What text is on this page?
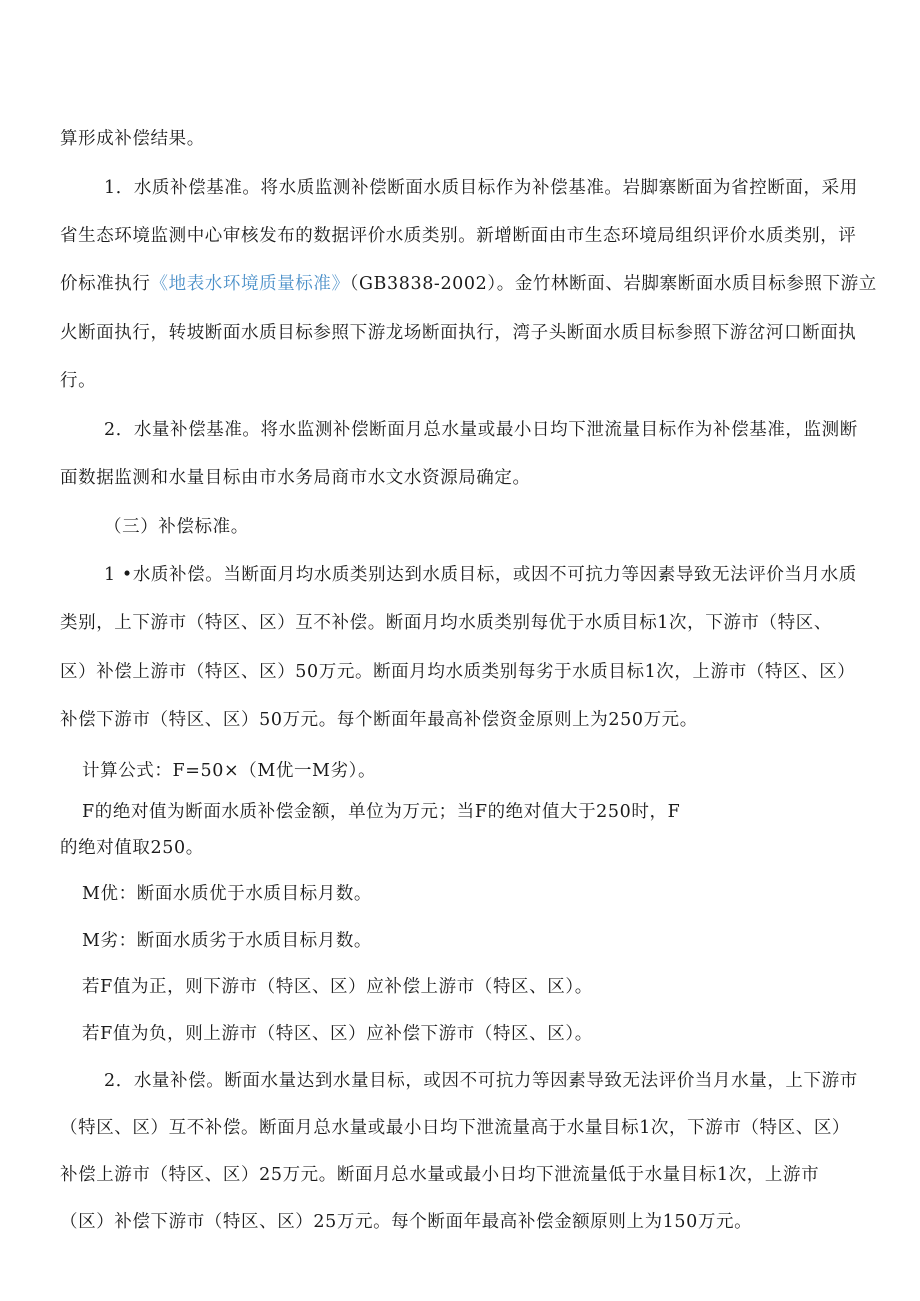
算形成补偿结果。
1．水质补偿基准。将水质监测补偿断面水质目标作为补偿基准。岩脚寨断面为省控断面，采用
省生态环境监测中心审核发布的数据评价水质类别。新增断面由市生态环境局组织评价水质类别，评
价标准执行《地表水环境质量标准》（GB3838-2002）。金竹林断面、岩脚寨断面水质目标参照下游立
火断面执行，转坡断面水质目标参照下游龙场断面执行，湾子头断面水质目标参照下游岔河口断面执
行。
2．水量补偿基准。将水监测补偿断面月总水量或最小日均下泄流量目标作为补偿基准，监测断
面数据监测和水量目标由市水务局商市水文水资源局确定。
（三）补偿标准。
1 •水质补偿。当断面月均水质类别达到水质目标，或因不可抗力等因素导致无法评价当月水质
类别，上下游市（特区、区）互不补偿。断面月均水质类别每优于水质目标1次，下游市（特区、
区）补偿上游市（特区、区）50万元。断面月均水质类别每劣于水质目标1次，上游市（特区、区）
补偿下游市（特区、区）50万元。每个断面年最高补偿资金原则上为250万元。
计算公式：F=50×（M优一M劣）。
F的绝对值为断面水质补偿金额，单位为万元；当F的绝对值大于250时，F
的绝对值取250。
M优：断面水质优于水质目标月数。
M劣：断面水质劣于水质目标月数。
若F值为正，则下游市（特区、区）应补偿上游市（特区、区）。
若F值为负，则上游市（特区、区）应补偿下游市（特区、区）。
2．水量补偿。断面水量达到水量目标，或因不可抗力等因素导致无法评价当月水量，上下游市
（特区、区）互不补偿。断面月总水量或最小日均下泄流量高于水量目标1次，下游市（特区、区）
补偿上游市（特区、区）25万元。断面月总水量或最小日均下泄流量低于水量目标1次，上游市
（区）补偿下游市（特区、区）25万元。每个断面年最高补偿金额原则上为150万元。
